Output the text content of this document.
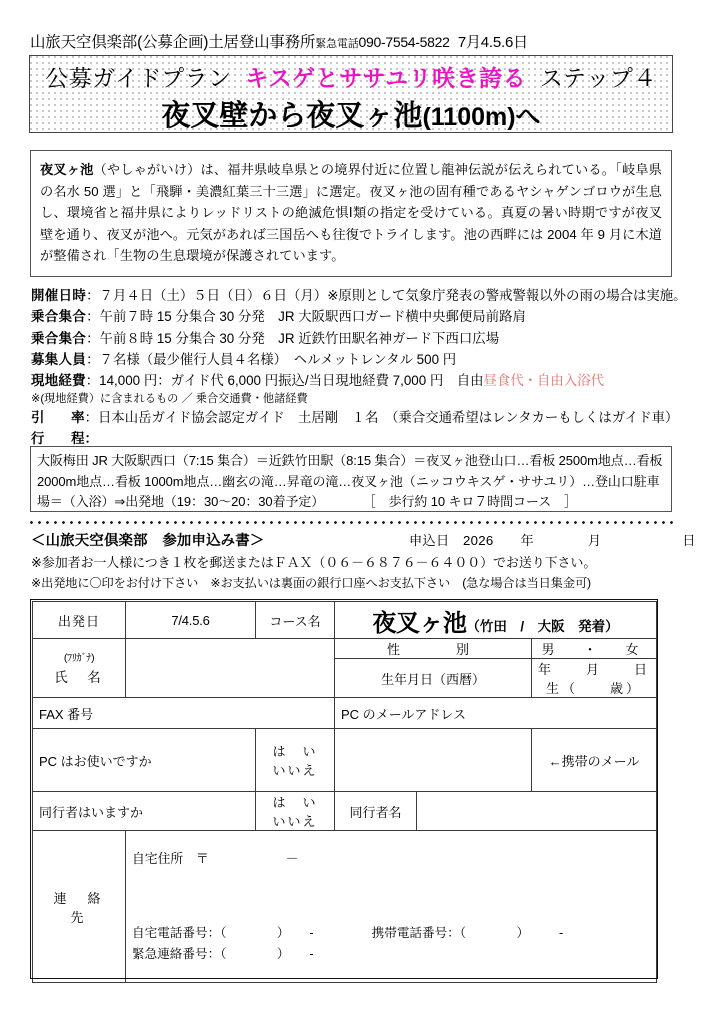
山旅天空倶楽部(公募企画)土居登山事務所緊急電話090-7554-5822 7月4.5.6日
公募ガイドプラン キスゲとササユリ咲き誇る ステップ４
夜叉壁から夜叉ヶ池(1100m)へ
夜叉ヶ池（やしゃがいけ）は、福井県岐阜県との境界付近に位置し龍神伝説が伝えられている。「岐阜県の名水 50 選」と「飛騨・美濃紅葉三十三選」に選定。夜叉ヶ池の固有種であるヤシャゲンゴロウが生息し、環境省と福井県によりレッドリストの絶滅危惧Ⅰ類の指定を受けている。真夏の暑い時期ですが夜叉壁を通り、夜叉が池へ。元気があれば三国岳へも往復でトライします。池の西畔には 2004 年 9 月に木道が整備され「生物の生息環境が保護されています。
開催日時：７月４日（土）５日（日）６日（月）※原則として気象庁発表の警戒警報以外の雨の場合は実施。
乗合集合：午前７時 15 分集合 30 分発　JR 大阪駅西口ガード横中央郵便局前路肩
乗合集合：午前８時 15 分集合 30 分発　JR 近鉄竹田駅名神ガード下西口広場
募集人員：７名様（最少催行人員４名様）　ヘルメットレンタル 500 円
現地経費：14,000 円：ガイド代 6,000 円振込/当日現地経費 7,000 円　自由昼食代・自由入浴代
※(現地経費）に含まれるもの ／ 乗合交通費・他諸経費
引　　率：日本山岳ガイド協会認定ガイド　土居剛　１名　（乗合交通希望はレンタカーもしくはガイド車）
行　　程：
大阪梅田 JR 大阪駅西口（7:15 集合）＝近鉄竹田駅（8:15 集合）＝夜叉ヶ池登山口…看板 2500m地点…看板 2000m地点…看板 1000m地点…幽玄の滝…昇竜の滝…夜叉ヶ池（ニッコウキスゲ・ササユリ）…登山口駐車場＝（入浴）⇒出発地（19：30～20：30着予定）　　　　［　歩行約 10 キロ７時間コース　］
＜山旅天空倶楽部　参加申込み書＞	申込日　2026　　年　　　　月　　　　　　日
※参加者お一人様につき１枚を郵送またはＦＡＸ（０６－６８７６－６４００）でお送り下さい。
※出発地に〇印をお付け下さい　※お支払いは裏面の銀行口座へお支払下さい　(急な場合は当日集金可)
出発日	7/4.5.6	コース名	夜叉ヶ池（竹田　/　大阪　発着）		

(ﾌﾘｶﾞﾅ)
氏　名			性　　別		男　・　女
			生年月日（西暦）		年　　月　　日生（　　歳）
FAX 番号			PC のメールアドレス		
PC はお使いですか		は　い　いいえ			←携帯のメール
同行者はいますか		は　い　いいえ	同行者名		
連　絡　先	自宅住所　〒　　　　　　－
自宅電話番号：（　　　　） - 携帯電話番号：（　　　　） -
緊急連絡番号：（　　　　） -				
